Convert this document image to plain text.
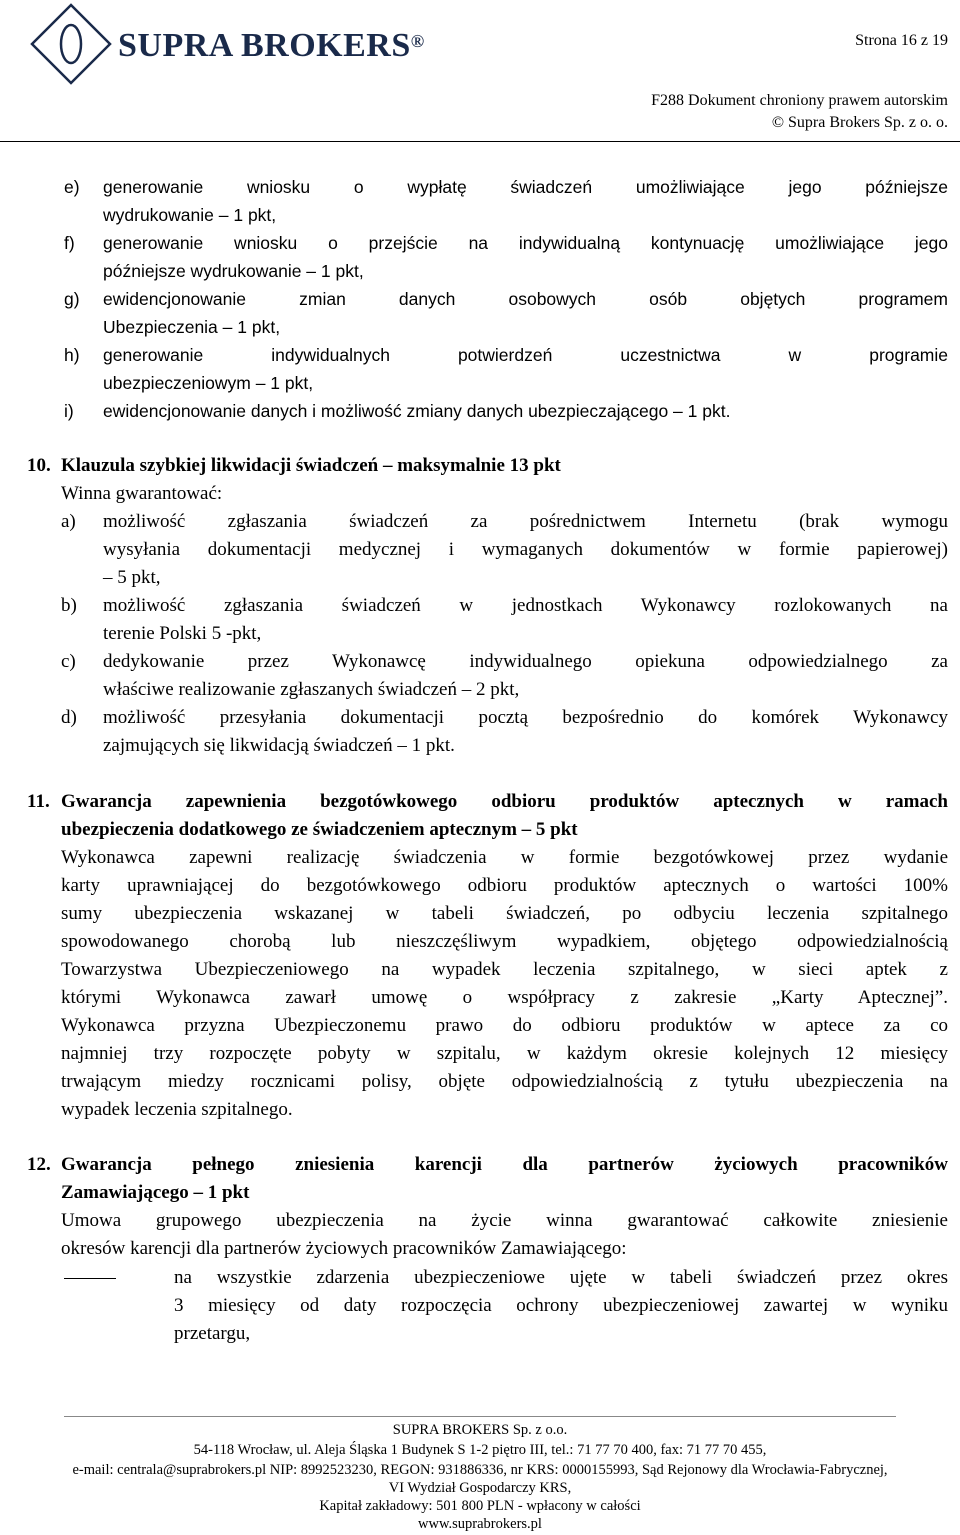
SUPRA BROKERS®	Strona 16 z 19
F288 Dokument chroniony prawem autorskim
© Supra Brokers Sp. z o. o.
e) generowanie wniosku o wypłatę świadczeń umożliwiające jego późniejsze
wydrukowanie – 1 pkt,
f) generowanie wniosku o przejście na indywidualną kontynuację umożliwiające jego
późniejsze wydrukowanie – 1 pkt,
g) ewidencjonowanie zmian danych osobowych osób objętych programem
Ubezpieczenia – 1 pkt,
h) generowanie indywidualnych potwierdzeń uczestnictwa w programie
ubezpieczeniowym – 1 pkt,
i) ewidencjonowanie danych i możliwość zmiany danych ubezpieczającego – 1 pkt.
10. Klauzula szybkiej likwidacji świadczeń – maksymalnie 13 pkt
Winna gwarantować:
a) możliwość zgłaszania świadczeń za pośrednictwem Internetu (brak wymogu
wysyłania dokumentacji medycznej i wymaganych dokumentów w formie papierowej)
– 5 pkt,
b) możliwość zgłaszania świadczeń w jednostkach Wykonawcy rozlokowanych na
terenie Polski 5 -pkt,
c) dedykowanie przez Wykonawcę indywidualnego opiekuna odpowiedzialnego za
właściwe realizowanie zgłaszanych świadczeń – 2 pkt,
d) możliwość przesyłania dokumentacji pocztą bezpośrednio do komórek Wykonawcy
zajmujących się likwidacją świadczeń – 1 pkt.
11. Gwarancja zapewnienia bezgotówkowego odbioru produktów aptecznych w ramach
ubezpieczenia dodatkowego ze świadczeniem aptecznym – 5 pkt
Wykonawca zapewni realizację świadczenia w formie bezgotówkowej przez wydanie
karty uprawniającej do bezgotówkowego odbioru produktów aptecznych o wartości 100%
sumy ubezpieczenia wskazanej w tabeli świadczeń, po odbyciu leczenia szpitalnego
spowodowanego chorobą lub nieszczęśliwym wypadkiem, objętego odpowiedzialnością
Towarzystwa Ubezpieczeniowego na wypadek leczenia szpitalnego, w sieci aptek z
którymi Wykonawca zawarł umowę o współpracy z zakresie „Karty Aptecznej”.
Wykonawca przyzna Ubezpieczonemu prawo do odbioru produktów w aptece za co
najmniej trzy rozpoczęte pobyty w szpitalu, w każdym okresie kolejnych 12 miesięcy
trwającym miedzy rocznicami polisy, objęte odpowiedzialnością z tytułu ubezpieczenia na
wypadek leczenia szpitalnego.
12. Gwarancja pełnego zniesienia karencji dla partnerów życiowych pracowników
Zamawiającego – 1 pkt
Umowa grupowego ubezpieczenia na życie winna gwarantować całkowite zniesienie
okresów karencji dla partnerów życiowych pracowników Zamawiającego:
na wszystkie zdarzenia ubezpieczeniowe ujęte w tabeli świadczeń przez okres
3 miesięcy od daty rozpoczęcia ochrony ubezpieczeniowej zawartej w wyniku
przetargu,
SUPRA BROKERS Sp. z o.o.
54-118 Wrocław, ul. Aleja Śląska 1 Budynek S 1-2 piętro III, tel.: 71 77 70 400, fax: 71 77 70 455,
e-mail: centrala@suprabrokers.pl NIP: 8992523230, REGON: 931886336, nr KRS: 0000155993, Sąd Rejonowy dla Wrocławia-Fabrycznej,
VI Wydział Gospodarczy KRS,
Kapitał zakładowy: 501 800 PLN - wpłacony w całości
www.suprabrokers.pl
